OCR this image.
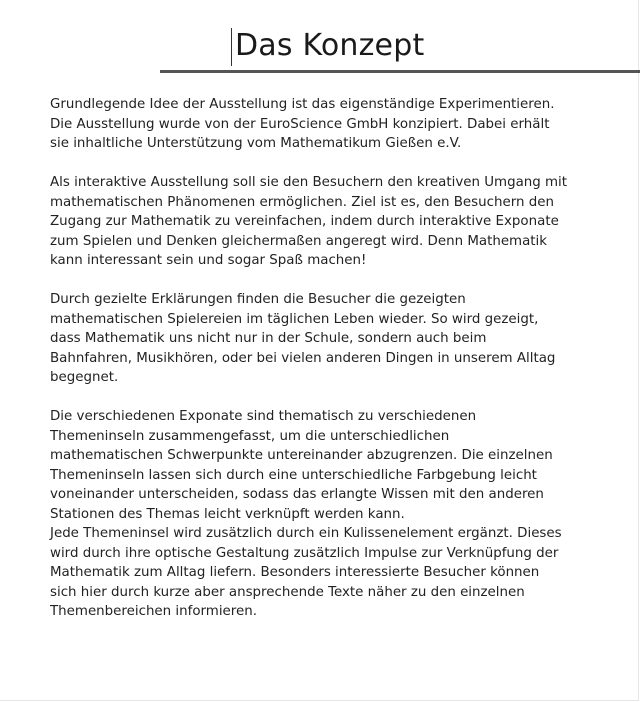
Das Konzept

Grundlegende Idee der Ausstellung ist das eigenständige Experimentieren.
Die Ausstellung wurde von der EuroScience GmbH konzipiert. Dabei erhält
sie inhaltliche Unterstützung vom Mathematikum Gießen e.V.

Als interaktive Ausstellung soll sie den Besuchern den kreativen Umgang mit
mathematischen Phänomenen ermöglichen. Ziel ist es, den Besuchern den
Zugang zur Mathematik zu vereinfachen, indem durch interaktive Exponate
zum Spielen und Denken gleichermaßen angeregt wird. Denn Mathematik
kann interessant sein und sogar Spaß machen!

Durch gezielte Erklärungen finden die Besucher die gezeigten
mathematischen Spielereien im täglichen Leben wieder. So wird gezeigt,
dass Mathematik uns nicht nur in der Schule, sondern auch beim
Bahnfahren, Musikhören, oder bei vielen anderen Dingen in unserem Alltag
begegnet.

Die verschiedenen Exponate sind thematisch zu verschiedenen
Themeninseln zusammengefasst, um die unterschiedlichen
mathematischen Schwerpunkte untereinander abzugrenzen. Die einzelnen
Themeninseln lassen sich durch eine unterschiedliche Farbgebung leicht
voneinander unterscheiden, sodass das erlangte Wissen mit den anderen
Stationen des Themas leicht verknüpft werden kann.
Jede Themeninsel wird zusätzlich durch ein Kulissenelement ergänzt. Dieses
wird durch ihre optische Gestaltung zusätzlich Impulse zur Verknüpfung der
Mathematik zum Alltag liefern. Besonders interessierte Besucher können
sich hier durch kurze aber ansprechende Texte näher zu den einzelnen
Themenbereichen informieren.
